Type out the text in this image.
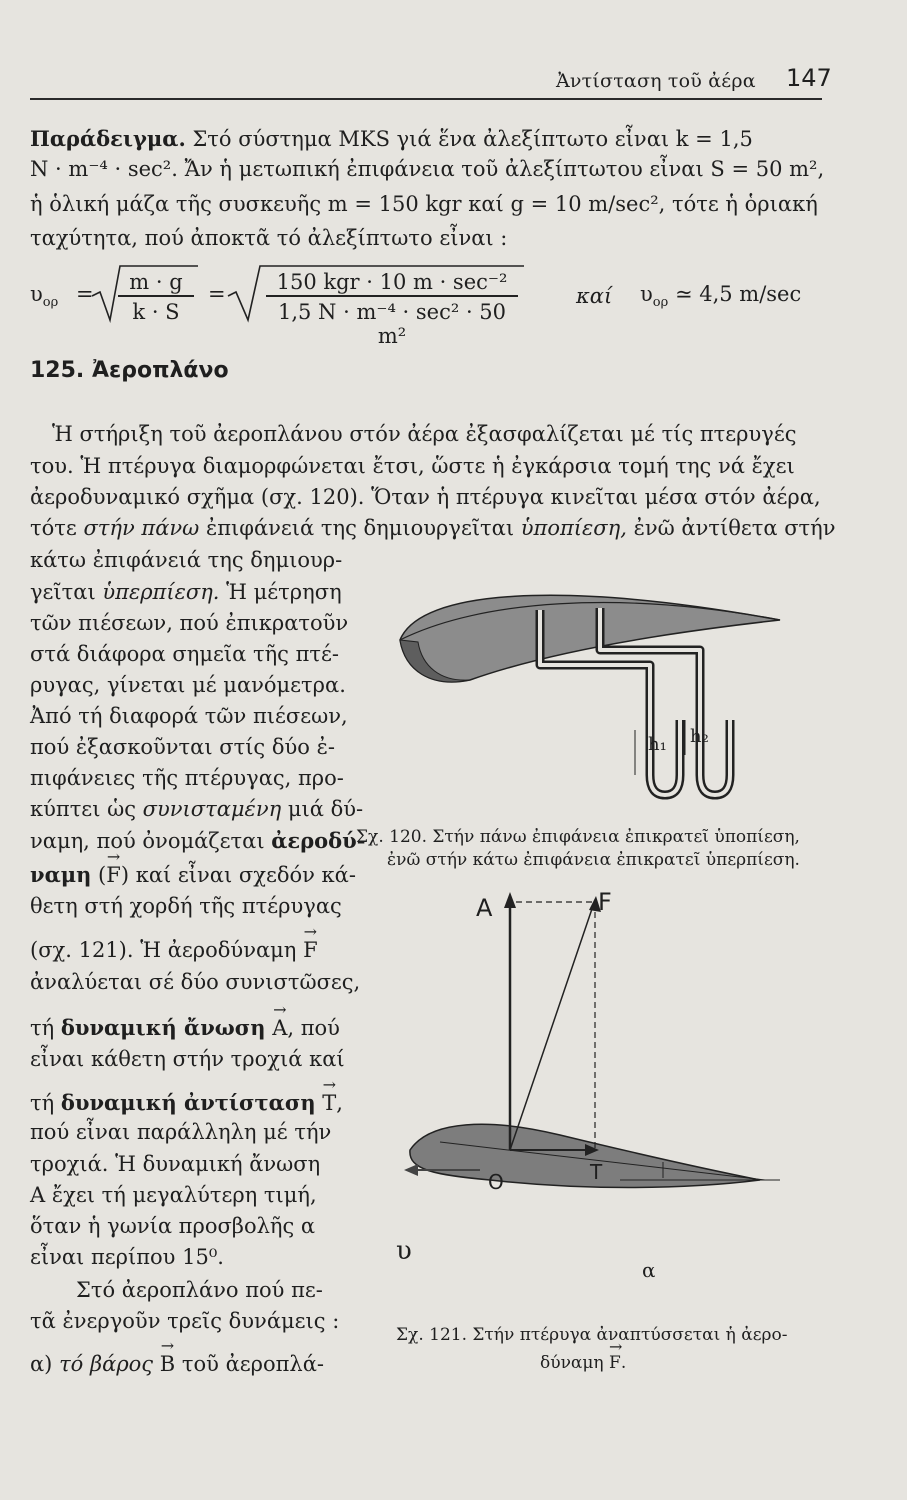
Ἀντίσταση τοῦ ἀέρα 147
Παράδειγμα. Στό σύστημα MKS γιά ἕνα ἀλεξίπτωτο εἶναι k = 1,5
N · m⁻⁴ · sec². Ἄν ἡ μετωπική ἐπιφάνεια τοῦ ἀλεξίπτωτου εἶναι S = 50 m²,
ἡ ὁλική μάζα τῆς συσκευῆς m = 150 kgr καί g = 10 m/sec², τότε ἡ ὁριακή
ταχύτητα, πού ἀποκτᾶ τό ἀλεξίπτωτο εἶναι :
$\upsilon_{o\rho}$ =	m · g
k · S
=	150 kgr · 10 m · sec⁻²
1,5 N · m⁻⁴ · sec² · 50 m²
καί $\upsilon_{o\rho}$ ≃ 4,5 m/sec
125. Ἀεροπλάνο
Ἡ στήριξη τοῦ ἀεροπλάνου στόν ἀέρα ἐξασφαλίζεται μέ τίς πτερυγές
του. Ἡ πτέρυγα διαμορφώνεται ἔτσι, ὥστε ἡ ἐγκάρσια τομή της νά ἔχει
ἀεροδυναμικό σχῆμα (σχ. 120). Ὅταν ἡ πτέρυγα κινεῖται μέσα στόν ἀέρα,
τότε στήν πάνω ἐπιφάνειά της δημιουργεῖται ὑποπίεση, ἐνῶ ἀντίθετα στήν
κάτω ἐπιφάνειά της δημιουρ-
γεῖται ὑπερπίεση. Ἡ μέτρηση
τῶν πιέσεων, πού ἐπικρατοῦν
στά διάφορα σημεῖα τῆς πτέ-
ρυγας, γίνεται μέ μανόμετρα.
Ἀπό τή διαφορά τῶν πιέσεων,
πού ἐξασκοῦνται στίς δύο ἐ-
πιφάνειες τῆς πτέρυγας, προ-
κύπτει ὡς συνισταμένη μιά δύ-
ναμη, πού ὀνομάζεται ἀεροδύ-
ναμη (→ F) καί εἶναι σχεδόν κά-
θετη στή χορδή τῆς πτέρυγας
(σχ. 121). Ἡ ἀεροδύναμη → F
ἀναλύεται σέ δύο συνιστῶσες,
τή δυναμική ἄνωση → A, πού
εἶναι κάθετη στήν τροχιά καί
τή δυναμική ἀντίσταση → T,
πού εἶναι παράλληλη μέ τήν
τροχιά. Ἡ δυναμική ἄνωση
A ἔχει τή μεγαλύτερη τιμή,
ὅταν ἡ γωνία προσβολῆς α
εἶναι περίπου 15⁰.
Στό ἀεροπλάνο πού πε-
τᾶ ἐνεργοῦν τρεῖς δυνάμεις :
α) τό βάρος → B τοῦ ἀεροπλά-
h₁ h₂
Σχ. 120. Στήν πάνω ἐπιφάνεια ἐπικρατεῖ ὑποπίεση,
ἐνῶ στήν κάτω ἐπιφάνεια ἐπικρατεῖ ὑπερπίεση.
A	F
O	T
υ
α
Σχ. 121. Στήν πτέρυγα ἀναπτύσσεται ἡ ἀερο-
δύναμη → F.
